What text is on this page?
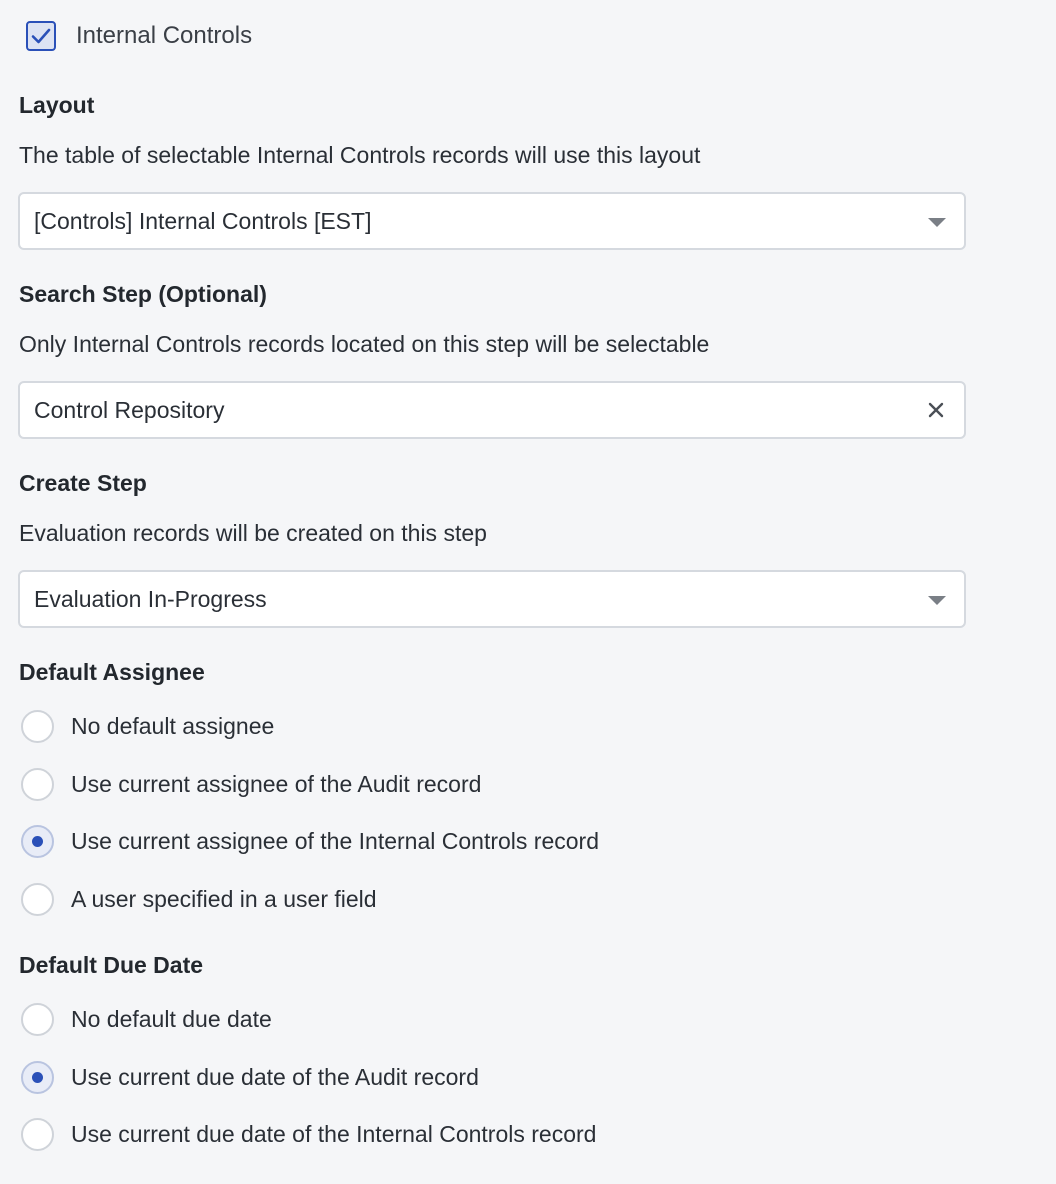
Internal Controls
Layout
The table of selectable Internal Controls records will use this layout
[Controls] Internal Controls [EST]
Search Step (Optional)
Only Internal Controls records located on this step will be selectable
Control Repository
Create Step
Evaluation records will be created on this step
Evaluation In-Progress
Default Assignee
No default assignee
Use current assignee of the Audit record
Use current assignee of the Internal Controls record
A user specified in a user field
Default Due Date
No default due date
Use current due date of the Audit record
Use current due date of the Internal Controls record
